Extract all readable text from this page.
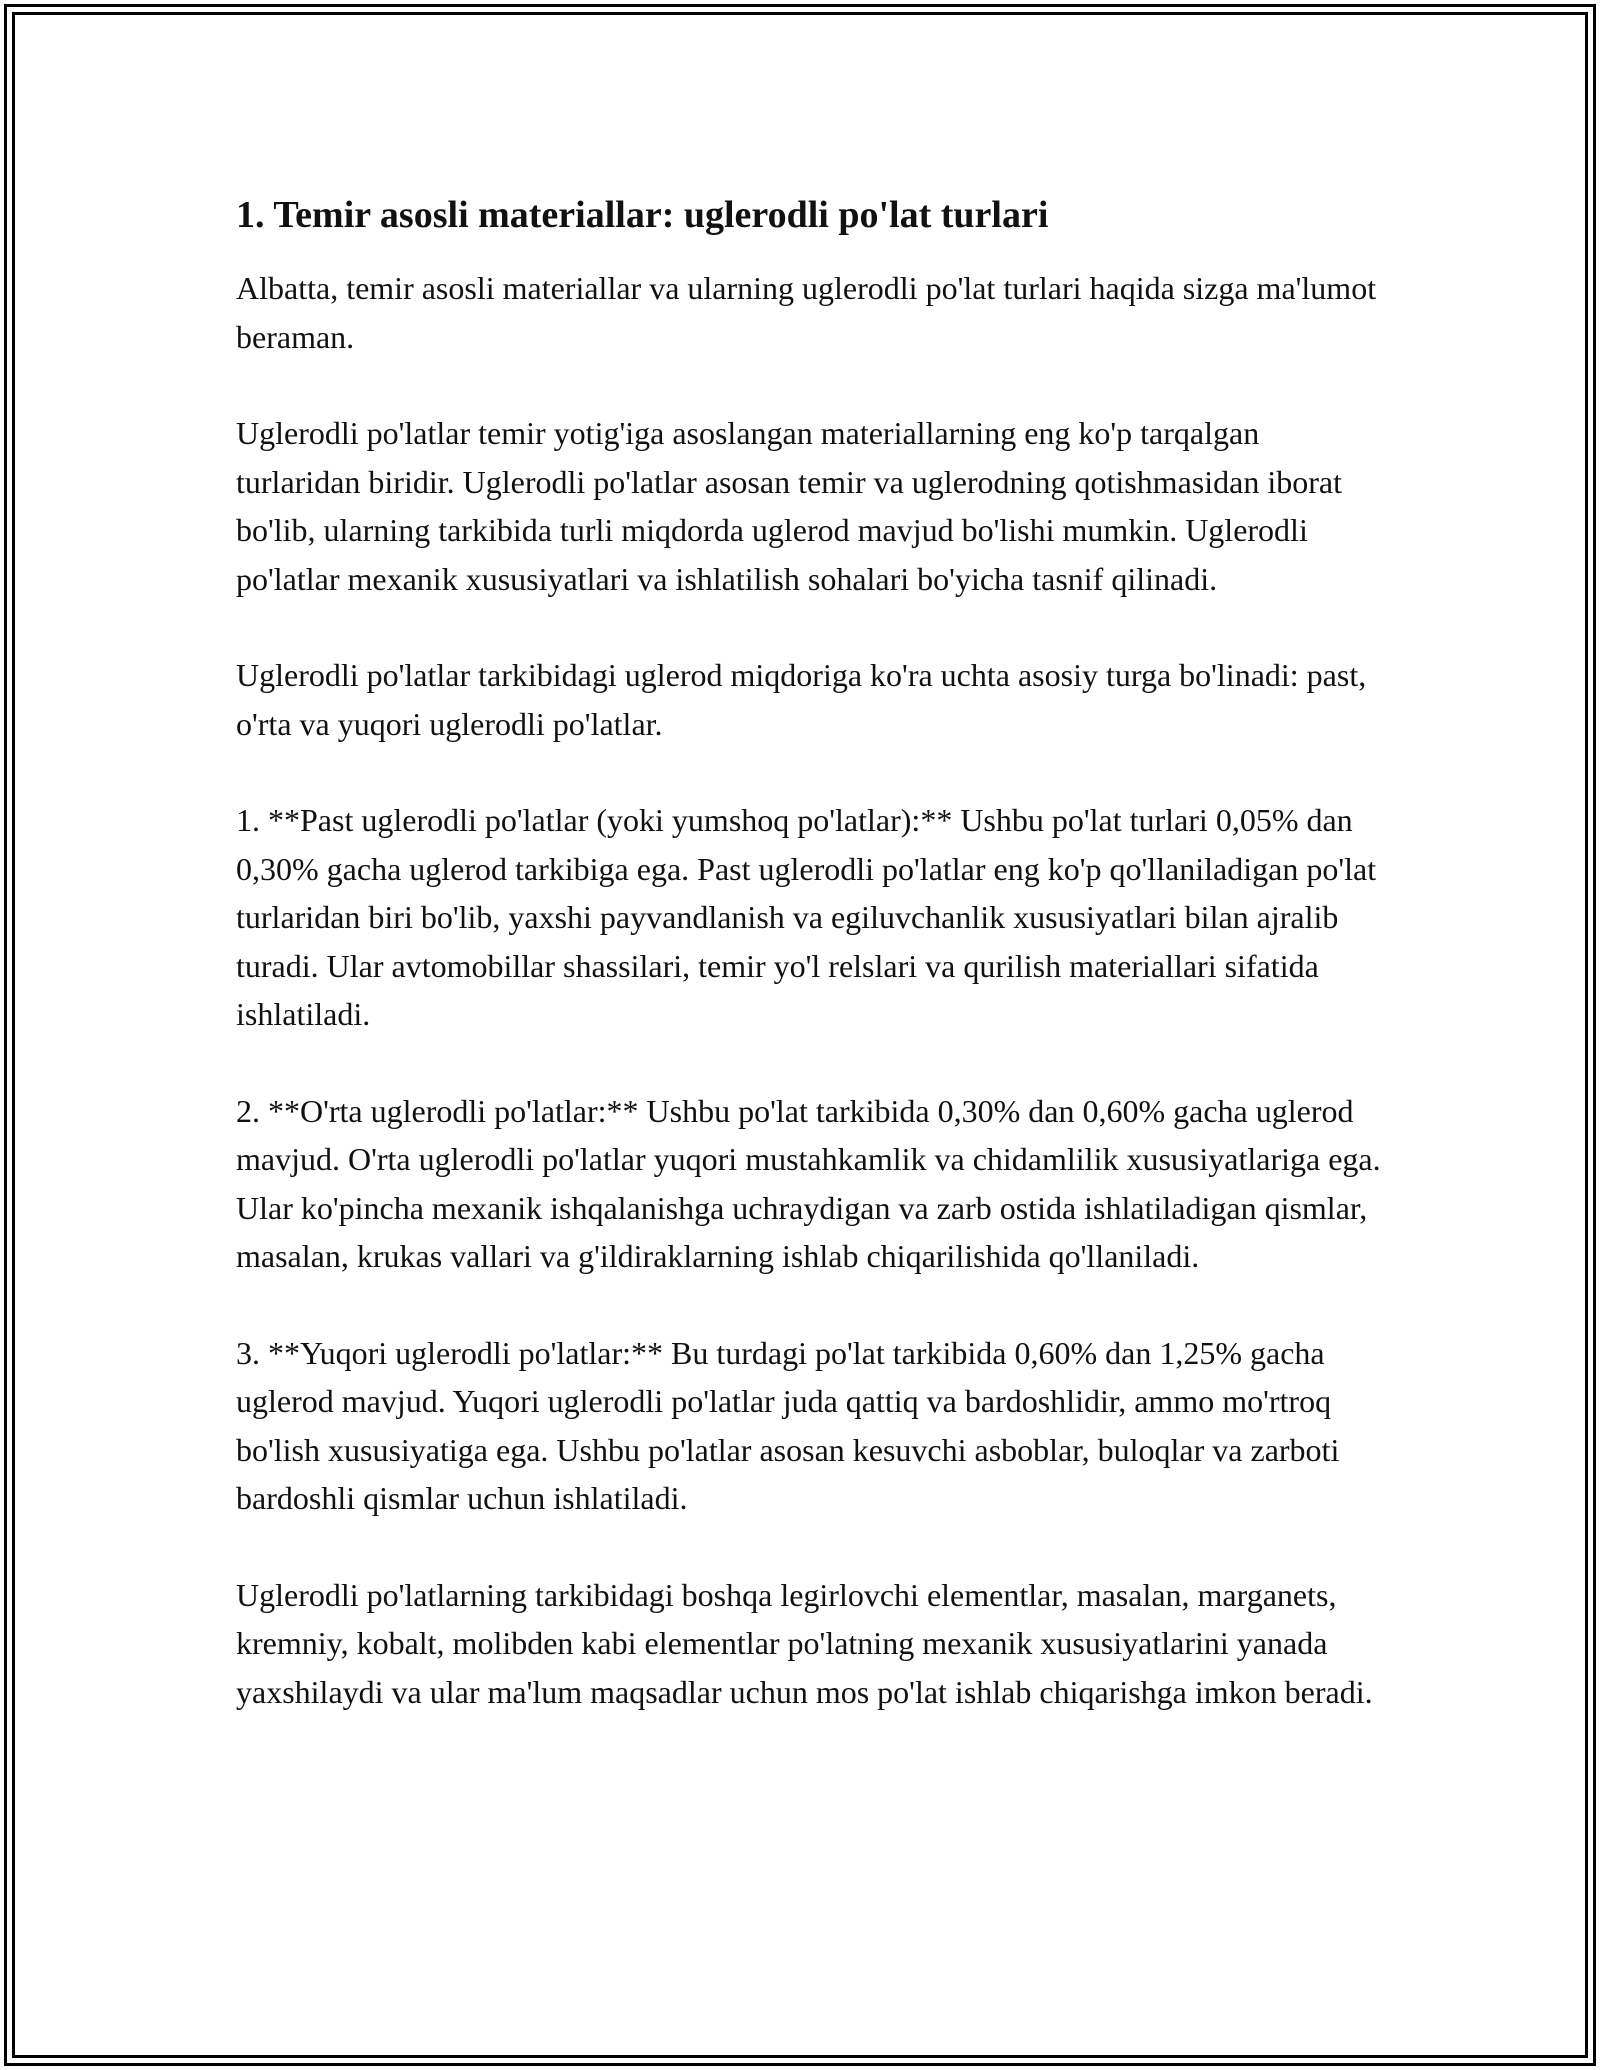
1. Temir asosli materiallar: uglerodli po'lat turlari

Albatta, temir asosli materiallar va ularning uglerodli po'lat turlari haqida sizga ma'lumot beraman.

Uglerodli po'latlar temir yotig'iga asoslangan materiallarning eng ko'p tarqalgan turlaridan biridir. Uglerodli po'latlar asosan temir va uglerodning qotishmasidan iborat bo'lib, ularning tarkibida turli miqdorda uglerod mavjud bo'lishi mumkin. Uglerodli po'latlar mexanik xususiyatlari va ishlatilish sohalari bo'yicha tasnif qilinadi.

Uglerodli po'latlar tarkibidagi uglerod miqdoriga ko'ra uchta asosiy turga bo'linadi: past, o'rta va yuqori uglerodli po'latlar.

1. **Past uglerodli po'latlar (yoki yumshoq po'latlar):** Ushbu po'lat turlari 0,05% dan 0,30% gacha uglerod tarkibiga ega. Past uglerodli po'latlar eng ko'p qo'llaniladigan po'lat turlaridan biri bo'lib, yaxshi payvandlanish va egiluvchanlik xususiyatlari bilan ajralib turadi. Ular avtomobillar shassilari, temir yo'l relslari va qurilish materiallari sifatida ishlatiladi.

2. **O'rta uglerodli po'latlar:** Ushbu po'lat tarkibida 0,30% dan 0,60% gacha uglerod mavjud. O'rta uglerodli po'latlar yuqori mustahkamlik va chidamlilik xususiyatlariga ega. Ular ko'pincha mexanik ishqalanishga uchraydigan va zarb ostida ishlatiladigan qismlar, masalan, krukas vallari va g'ildiraklarning ishlab chiqarilishida qo'llaniladi.

3. **Yuqori uglerodli po'latlar:** Bu turdagi po'lat tarkibida 0,60% dan 1,25% gacha uglerod mavjud. Yuqori uglerodli po'latlar juda qattiq va bardoshlidir, ammo mo'rtroq bo'lish xususiyatiga ega. Ushbu po'latlar asosan kesuvchi asboblar, buloqlar va zarboti bardoshli qismlar uchun ishlatiladi.

Uglerodli po'latlarning tarkibidagi boshqa legirlovchi elementlar, masalan, marganets, kremniy, kobalt, molibden kabi elementlar po'latning mexanik xususiyatlarini yanada yaxshilaydi va ular ma'lum maqsadlar uchun mos po'lat ishlab chiqarishga imkon beradi.
